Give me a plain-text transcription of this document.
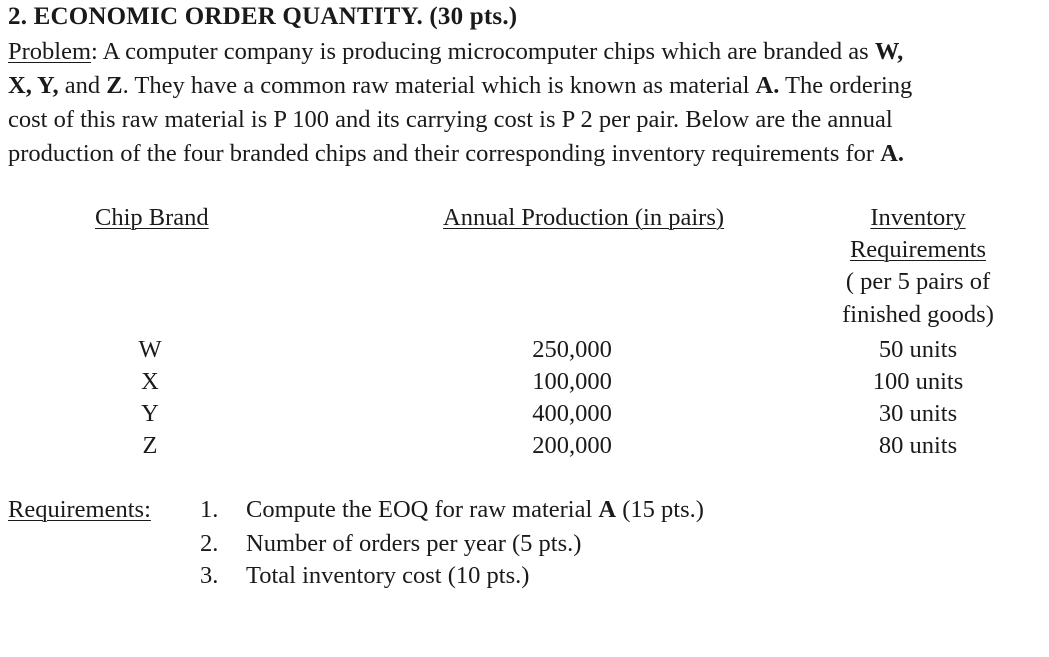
2. ECONOMIC ORDER QUANTITY. (30 pts.)
Problem: A computer company is producing microcomputer chips which are branded as W,
X, Y, and Z. They have a common raw material which is known as material A. The ordering
cost of this raw material is P 100 and its carrying cost is P 2 per pair. Below are the annual
production of the four branded chips and their corresponding inventory requirements for A.
Chip Brand	Annual Production (in pairs)	Inventory
Requirements
( per 5 pairs of
finished goods)
W	250,000	50 units
X	100,000	100 units
Y	400,000	30 units
Z	200,000	80 units
Requirements: 1. Compute the EOQ for raw material A (15 pts.)
2. Number of orders per year (5 pts.)
3. Total inventory cost (10 pts.)
